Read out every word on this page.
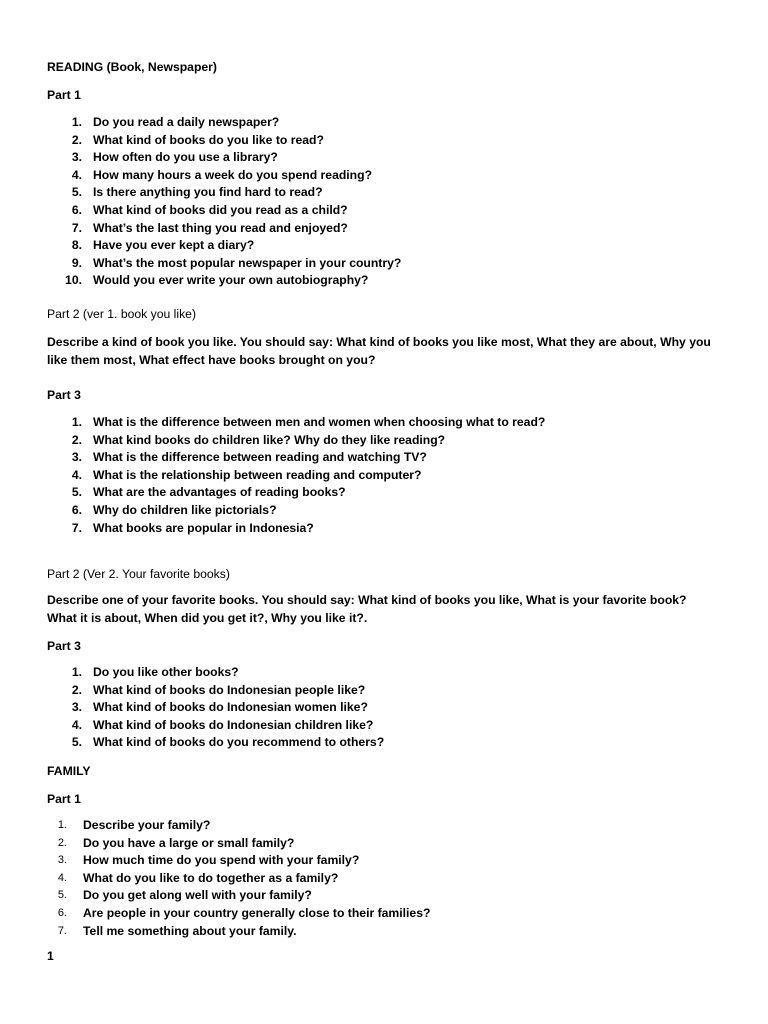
READING (Book, Newspaper)
Part 1
1. Do you read a daily newspaper?
2. What kind of books do you like to read?
3. How often do you use a library?
4. How many hours a week do you spend reading?
5. Is there anything you find hard to read?
6. What kind of books did you read as a child?
7. What’s the last thing you read and enjoyed?
8. Have you ever kept a diary?
9. What’s the most popular newspaper in your country?
10. Would you ever write your own autobiography?
Part 2 (ver 1. book you like)
Describe a kind of book you like. You should say: What kind of books you like most, What they are about, Why you like them most, What effect have books brought on you?
Part 3
1. What is the difference between men and women when choosing what to read?
2. What kind books do children like? Why do they like reading?
3. What is the difference between reading and watching TV?
4. What is the relationship between reading and computer?
5. What are the advantages of reading books?
6. Why do children like pictorials?
7. What books are popular in Indonesia?
Part 2 (Ver 2. Your favorite books)
Describe one of your favorite books. You should say: What kind of books you like, What is your favorite book? What it is about, When did you get it?, Why you like it?.
Part 3
1. Do you like other books?
2. What kind of books do Indonesian people like?
3. What kind of books do Indonesian women like?
4. What kind of books do Indonesian children like?
5. What kind of books do you recommend to others?
FAMILY
Part 1
1. Describe your family?
2. Do you have a large or small family?
3. How much time do you spend with your family?
4. What do you like to do together as a family?
5. Do you get along well with your family?
6. Are people in your country generally close to their families?
7. Tell me something about your family.
1
